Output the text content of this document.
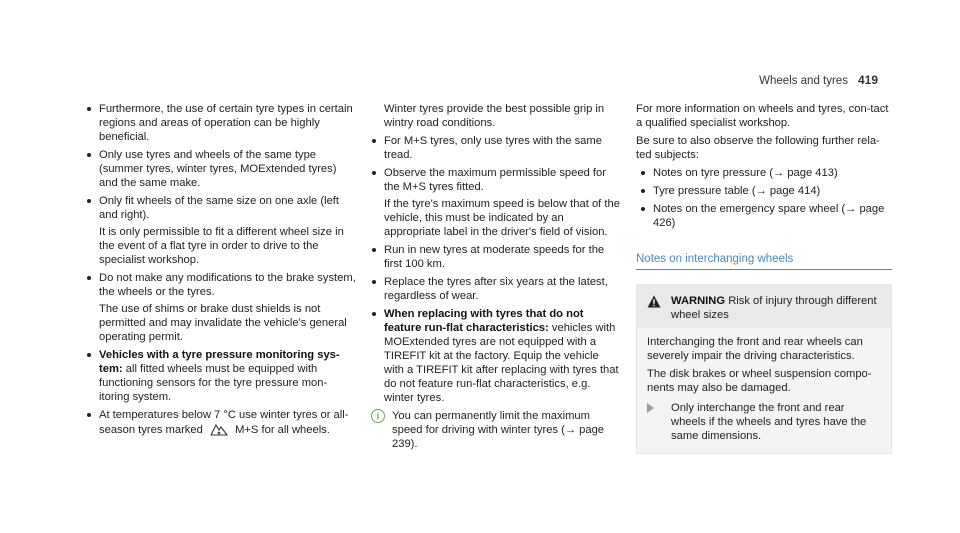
Wheels and tyres 419
Furthermore, the use of certain tyre types in certain regions and areas of operation can be highly beneficial.
Only use tyres and wheels of the same type (summer tyres, winter tyres, MOExtended tyres) and the same make.
Only fit wheels of the same size on one axle (left and right).

It is only permissible to fit a different wheel size in the event of a flat tyre in order to drive to the specialist workshop.

Do not make any modifications to the brake system, the wheels or the tyres.

The use of shims or brake dust shields is not permitted and may invalidate the vehicle's general operating permit.

Vehicles with a tyre pressure monitoring sys-tem: all fitted wheels must be equipped with functioning sensors for the tyre pressure mon-itoring system.
At temperatures below 7 °C use winter tyres or all-season tyres marked	M+S for all wheels.

Winter tyres provide the best possible grip in wintry road conditions.

For M+S tyres, only use tyres with the same tread.
Observe the maximum permissible speed for the M+S tyres fitted.

If the tyre's maximum speed is below that of the vehicle, this must be indicated by an appropriate label in the driver's field of vision.

Run in new tyres at moderate speeds for the first 100 km.
Replace the tyres after six years at the latest, regardless of wear.
When replacing with tyres that do not feature run-flat characteristics: vehicles with MOExtended tyres are not equipped with a TIREFIT kit at the factory. Equip the vehicle with a TIREFIT kit after replacing with tyres that do not feature run-flat characteristics, e.g. winter tyres.
i	You can permanently limit the maximum speed for driving with winter tyres (→ page 239).

For more information on wheels and tyres, con-tact a qualified specialist workshop.

Be sure to also observe the following further rela-ted subjects:

Notes on tyre pressure (→ page 413)
Tyre pressure table (→ page 414)
Notes on the emergency spare wheel (→ page 426)
Notes on interchanging wheels
WARNING Risk of injury through different wheel sizes

Interchanging the front and rear wheels can severely impair the driving characteristics.

The disk brakes or wheel suspension compo-nents may also be damaged.

Only interchange the front and rear wheels if the wheels and tyres have the same dimensions.
